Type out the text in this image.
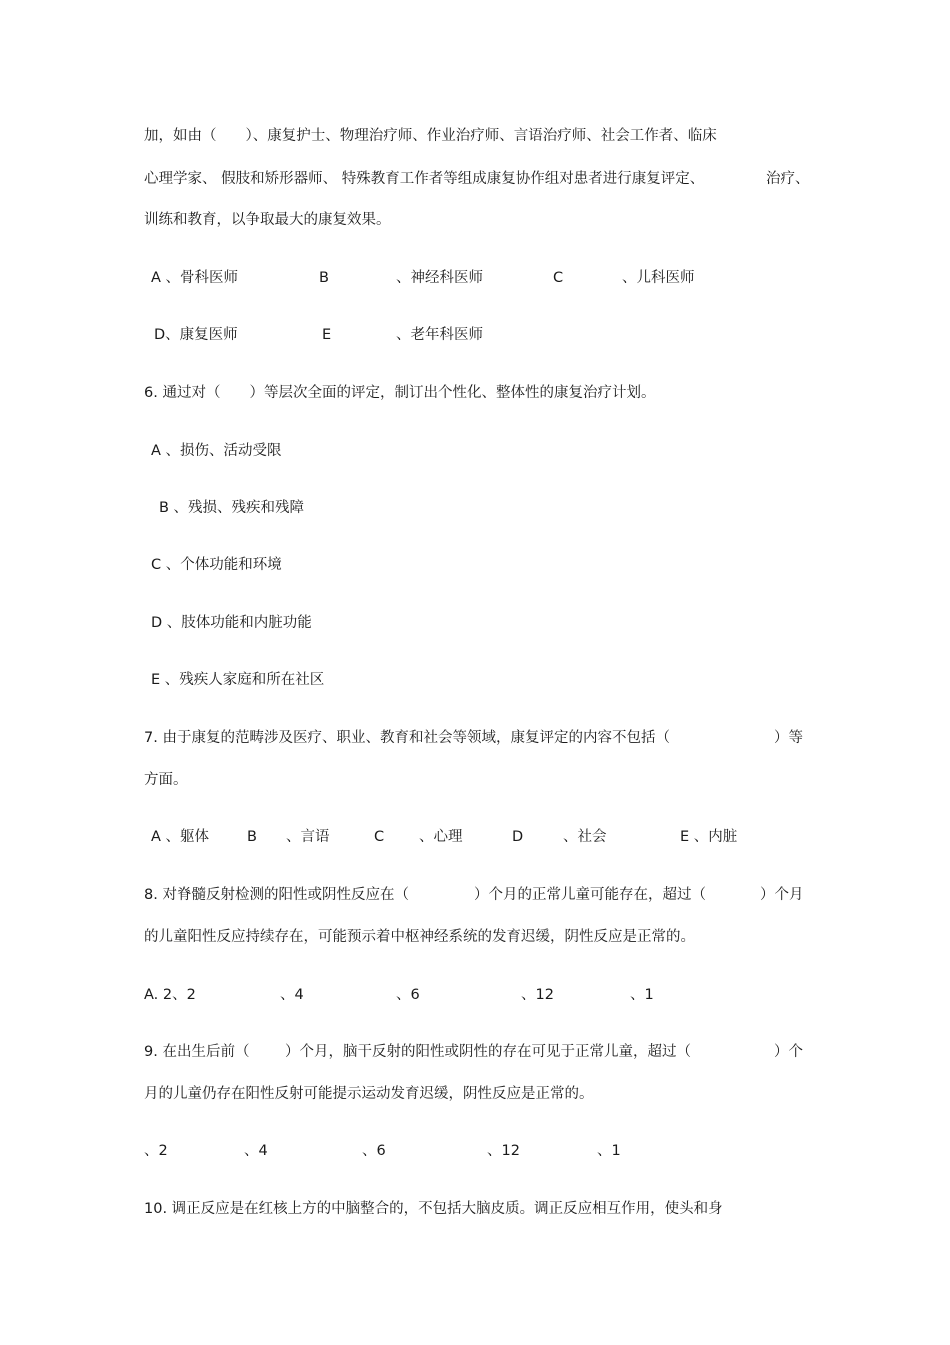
加，如由（　　）、康复护士、物理治疗师、作业治疗师、言语治疗师、社会工作者、临床
心理学家、 假肢和矫形器师、 特殊教育工作者等组成康复协作组对患者进行康复评定、	治疗、
训练和教育，以争取最大的康复效果。
A 、骨科医师	B	、神经科医师	C	、儿科医师
D、康复医师	E	、老年科医师
6. 通过对（　　）等层次全面的评定，制订出个性化、整体性的康复治疗计划。
A 、损伤、活动受限
B 、残损、残疾和残障
C 、个体功能和环境
D 、肢体功能和内脏功能
E 、残疾人家庭和所在社区
7. 由于康复的范畴涉及医疗、职业、教育和社会等领域，康复评定的内容不包括（	）等
方面。
A 、躯体	B 、言语	C 、心理	D	、社会	E 、内脏
8. 对脊髓反射检测的阳性或阴性反应在（	）个月的正常儿童可能存在，超过（	）个月
的儿童阳性反应持续存在，可能预示着中枢神经系统的发育迟缓，阴性反应是正常的。
A. 2、2	、4	、6	、12	、1
9. 在出生后前（ ）个月，脑干反射的阳性或阴性的存在可见于正常儿童，超过（	）个
月的儿童仍存在阳性反射可能提示运动发育迟缓，阴性反应是正常的。
、2	、4	、6	、12	、1
10. 调正反应是在红核上方的中脑整合的，不包括大脑皮质。调正反应相互作用，使头和身
